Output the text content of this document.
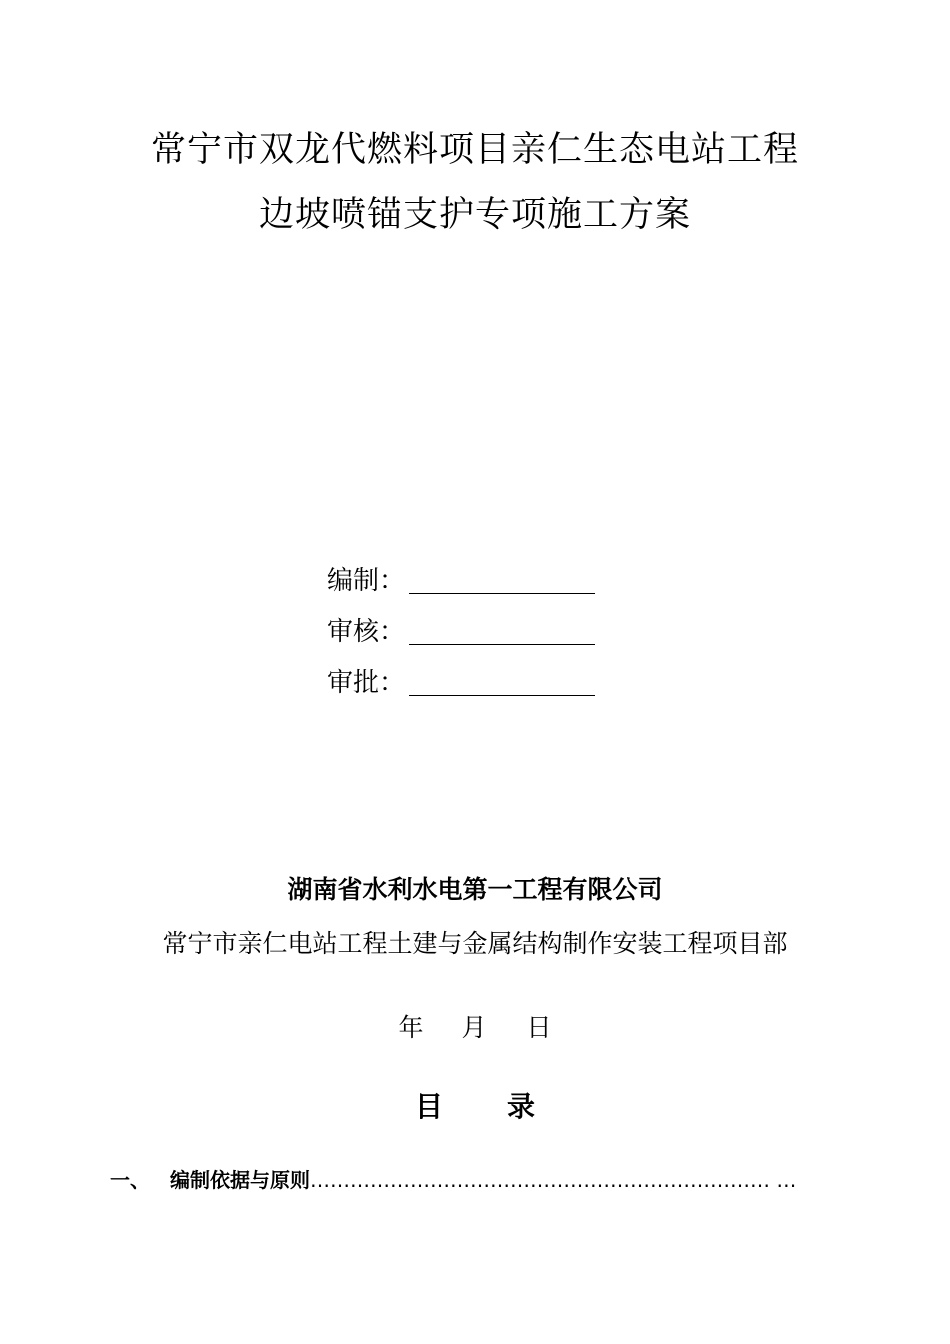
常宁市双龙代燃料项目亲仁生态电站工程
边坡喷锚支护专项施工方案
编制：
审核：
审批：
湖南省水利水电第一工程有限公司
常宁市亲仁电站工程土建与金属结构制作安装工程项目部
年 月 日
目 录
一、 编制依据与原则 …………………………………………………………… …
